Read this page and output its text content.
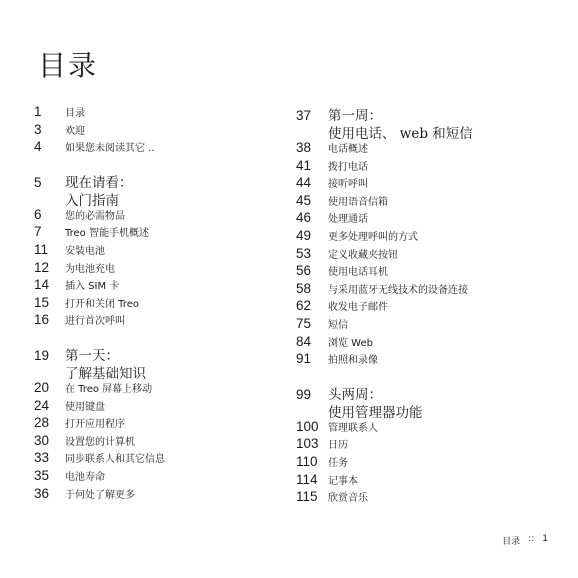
目录
1	目录
3	欢迎
4	如果您未阅读其它 ..
5	现在请看：
入门指南
6	您的必需物品
7	Treo 智能手机概述
11	安装电池
12	为电池充电
14	插入 SIM 卡
15	打开和关闭 Treo
16	进行首次呼叫
19	第一天：
了解基础知识
20	在 Treo 屏幕上移动
24	使用键盘
28	打开应用程序
30	设置您的计算机
33	同步联系人和其它信息
35	电池寿命
36	于何处了解更多
37	第一周：
使用电话、 web 和短信
38	电话概述
41	拨打电话
44	接听呼叫
45	使用语音信箱
46	处理通话
49	更多处理呼叫的方式
53	定义收藏夹按钮
56	使用电话耳机
58	与采用蓝牙无线技术的设备连接
62	收发电子邮件
75	短信
84	浏览 Web
91	拍照和录像
99	头两周：
使用管理器功能
100 管理联系人
103 日历
110	任务
114	记事本
115	欣赏音乐
目录 :: 1
